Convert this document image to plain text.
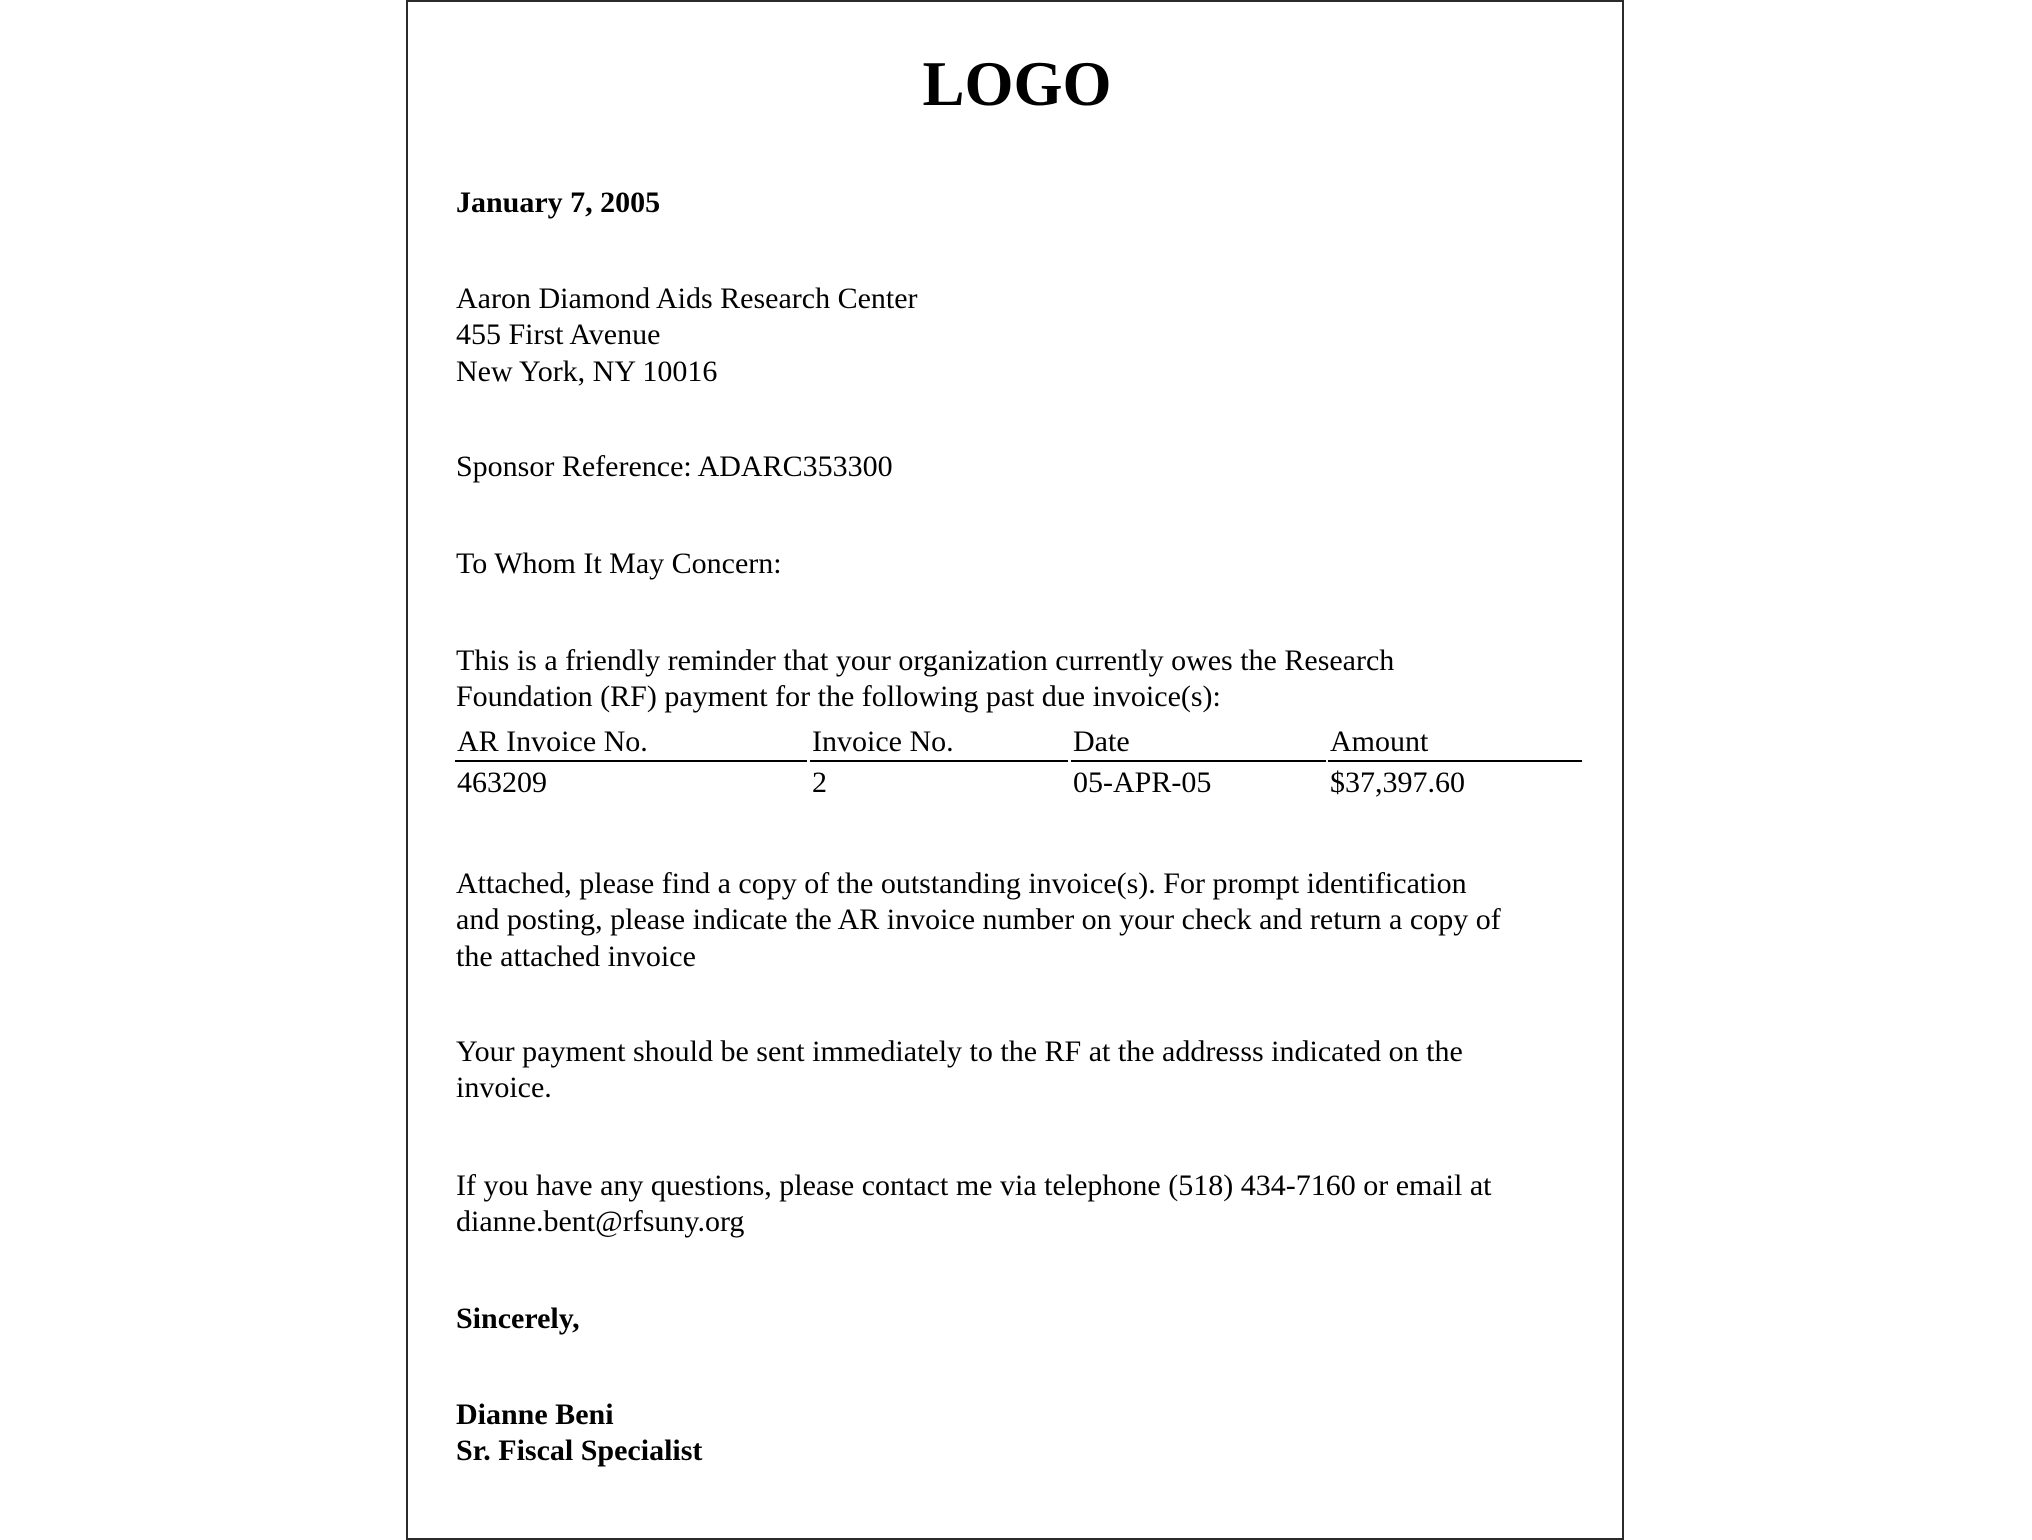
LOGO
January 7, 2005
Aaron Diamond Aids Research Center
455 First Avenue
New York, NY 10016
Sponsor Reference: ADARC353300
To Whom It May Concern:
This is a friendly reminder that your organization currently owes the Research
Foundation (RF) payment for the following past due invoice(s):
AR Invoice No.	Invoice No.	Date	Amount
463209	2	05-APR-05	$37,397.60
Attached, please find a copy of the outstanding invoice(s). For prompt identification
and posting, please indicate the AR invoice number on your check and return a copy of
the attached invoice
Your payment should be sent immediately to the RF at the addresss indicated on the
invoice.
If you have any questions, please contact me via telephone (518) 434-7160 or email at
dianne.bent@rfsuny.org
Sincerely,
Dianne Beni
Sr. Fiscal Specialist
